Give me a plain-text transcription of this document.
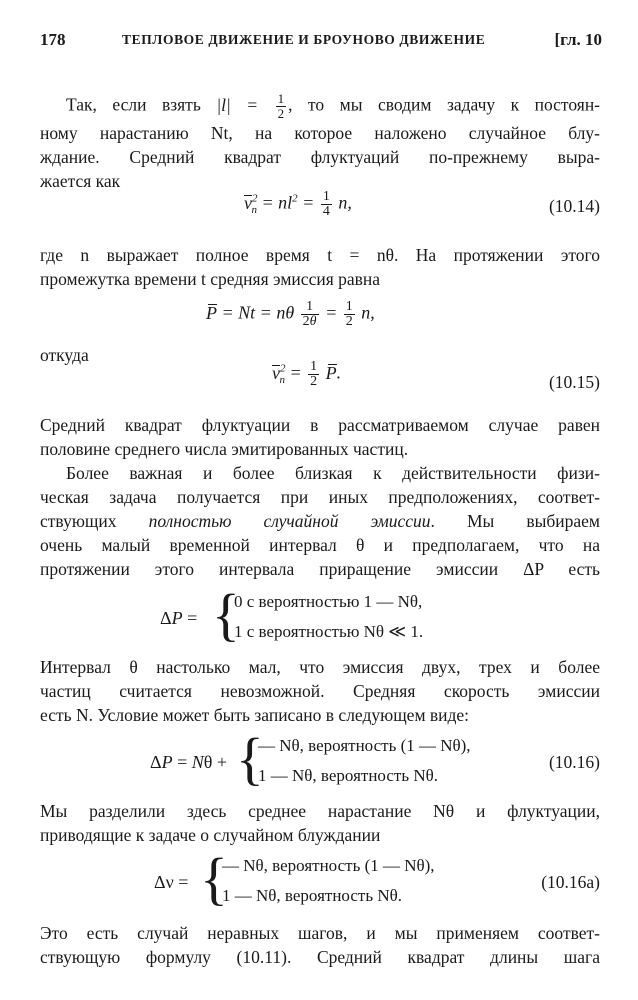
178	ТЕПЛОВОЕ ДВИЖЕНИЕ И БРОУНОВО ДВИЖЕНИЕ	[гл. 10
Так, если взять $|l| = \frac{1}{2}$ , то мы сводим задачу к постоян-
ному нарастанию Nt, на которое наложено случайное блу-
ждание. Средний квадрат флуктуаций по-прежнему выра-
жается как
$\nu^2_n = nl^2 = \frac{1}{4} n$,	(10.14)
где n выражает полное время t = nθ. На протяжении этого
промежутка времени t средняя эмиссия равна
P = Nt = nθ $\frac{1}{2\theta} = \frac{1}{2} n$,
откуда
$\nu^2_n = \frac{1}{2} P$.	(10.15)
Средний квадрат флуктуации в рассматриваемом случае равен
половине среднего числа эмитированных частиц.
Более важная и более близкая к действительности физи-
ческая задача получается при иных предположениях, соответ-
ствующих полностью случайной эмиссии. Мы выбираем
очень малый временной интервал θ и предполагаем, что на
протяжении этого интервала приращение эмиссии ΔP есть
ΔP = {
0 с вероятностью 1 — Nθ,
1 с вероятностью Nθ ≪ 1.
Интервал θ настолько мал, что эмиссия двух, трех и более
частиц считается невозможной. Средняя скорость эмиссии
есть N. Условие может быть записано в следующем виде:
ΔP = Nθ + {
— Nθ, вероятность (1 — Nθ),
1 — Nθ, вероятность Nθ.
(10.16)
Мы разделили здесь среднее нарастание Nθ и флуктуации,
приводящие к задаче о случайном блуждании
Δν = {
— Nθ, вероятность (1 — Nθ),
1 — Nθ, вероятность Nθ.
(10.16а)
Это есть случай неравных шагов, и мы применяем соответ-
ствующую формулу (10.11). Средний квадрат длины шага
